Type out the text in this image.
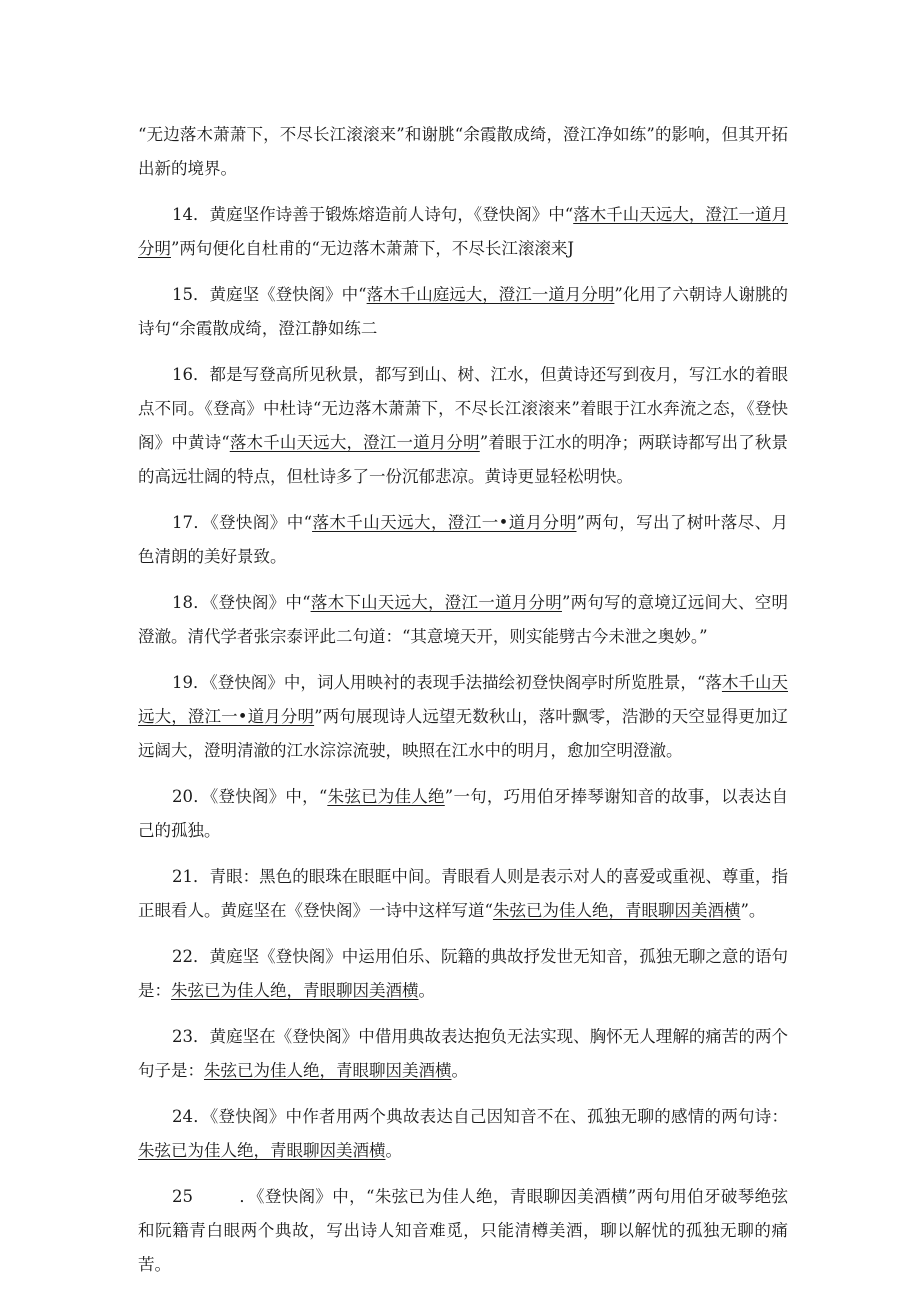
“无边落木萧萧下，不尽长江滚滚来”和谢朓“余霞散成绮，澄江净如练”的影响，但其开拓出新的境界。

14．黄庭坚作诗善于锻炼熔造前人诗句，《登快阁》中“落木千山天远大，澄江一道月分明”两句便化自杜甫的“无边落木萧萧下，不尽长江滚滚来J

15．黄庭坚《登快阁》中“落木千山庭远大，澄江一道月分明”化用了六朝诗人谢朓的诗句“余霞散成绮，澄江静如练二

16．都是写登高所见秋景，都写到山、树、江水，但黄诗还写到夜月，写江水的着眼点不同。《登高》中杜诗“无边落木萧萧下，不尽长江滚滚来”着眼于江水奔流之态，《登快阁》中黄诗“落木千山天远大，澄江一道月分明”着眼于江水的明净；两联诗都写出了秋景的高远壮阔的特点，但杜诗多了一份沉郁悲凉。黄诗更显轻松明快。

17．《登快阁》中“落木千山天远大，澄江一•道月分明”两句，写出了树叶落尽、月色清朗的美好景致。

18．《登快阁》中“落木下山天远大，澄江一道月分明”两句写的意境辽远间大、空明澄澈。清代学者张宗泰评此二句道：“其意境天开，则实能劈古今未泄之奥妙。”

19．《登快阁》中，词人用映衬的表现手法描绘初登快阁亭时所览胜景，“落木千山天远大，澄江一•道月分明”两句展现诗人远望无数秋山，落叶飘零，浩渺的天空显得更加辽远阔大，澄明清澈的江水淙淙流驶，映照在江水中的明月，愈加空明澄澈。

20．《登快阁》中，“朱弦已为佳人绝”一句，巧用伯牙捧琴谢知音的故事，以表达自己的孤独。

21．青眼：黑色的眼珠在眼眶中间。青眼看人则是表示对人的喜爱或重视、尊重，指正眼看人。黄庭坚在《登快阁》一诗中这样写道“朱弦已为佳人绝，青眼聊因美酒横”。

22．黄庭坚《登快阁》中运用伯乐、阮籍的典故抒发世无知音，孤独无聊之意的语句是：朱弦已为佳人绝，青眼聊因美酒横。

23．黄庭坚在《登快阁》中借用典故表达抱负无法实现、胸怀无人理解的痛苦的两个句子是：朱弦已为佳人绝，青眼聊因美酒横。

24．《登快阁》中作者用两个典故表达自己因知音不在、孤独无聊的感情的两句诗：朱弦已为佳人绝，青眼聊因美酒横。

25	．《登快阁》中，“朱弦已为佳人绝，青眼聊因美酒横”两句用伯牙破琴绝弦和阮籍青白眼两个典故，写出诗人知音难觅，只能清樽美酒，聊以解忧的孤独无聊的痛苦。
